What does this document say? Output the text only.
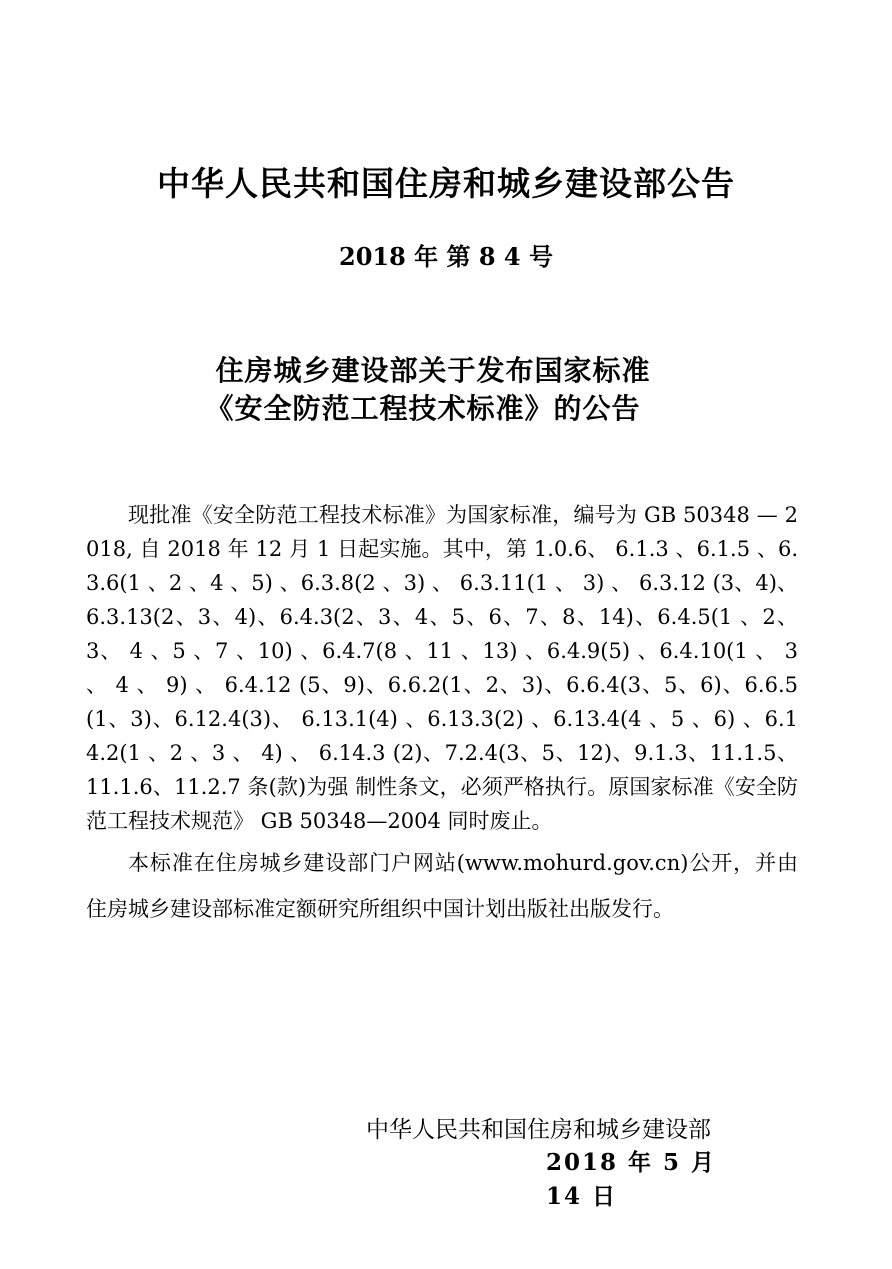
中华人民共和国住房和城乡建设部公告
2018 年 第 8 4 号
住房城乡建设部关于发布国家标准
《安全防范工程技术标准》的公告

现批准《安全防范工程技术标准》为国家标准，编号为 GB 50348 — 2018, 自 2018 年 12 月 1 日起实施。其中，第 1.0.6、 6.1.3 、6.1.5 、6.3.6(1 、2 、4 、5) 、6.3.8(2 、3) 、 6.3.11(1 、 3) 、 6.3.12 (3、4)、6.3.13(2、3、4)、6.4.3(2、3、4、5、6、7、8、14)、6.4.5(1 、2、3、 4 、5 、7 、10) 、6.4.7(8 、11 、13) 、6.4.9(5) 、6.4.10(1 、 3 、 4 、 9) 、 6.4.12 (5、9)、6.6.2(1、2、3)、6.6.4(3、5、6)、6.6.5(1、3)、6.12.4(3)、 6.13.1(4) 、6.13.3(2) 、6.13.4(4 、5 、6) 、6.14.2(1 、2 、3 、 4) 、 6.14.3 (2)、7.2.4(3、5、12)、9.1.3、11.1.5、11.1.6、11.2.7 条(款)为强 制性条文，必须严格执行。原国家标准《安全防范工程技术规范》 GB 50348—2004 同时废止。

本标准在住房城乡建设部门户网站(www.mohurd.gov.cn)公开，并由住房城乡建设部标准定额研究所组织中国计划出版社出版发行。

中华人民共和国住房和城乡建设部
2018 年 5 月
14 日
